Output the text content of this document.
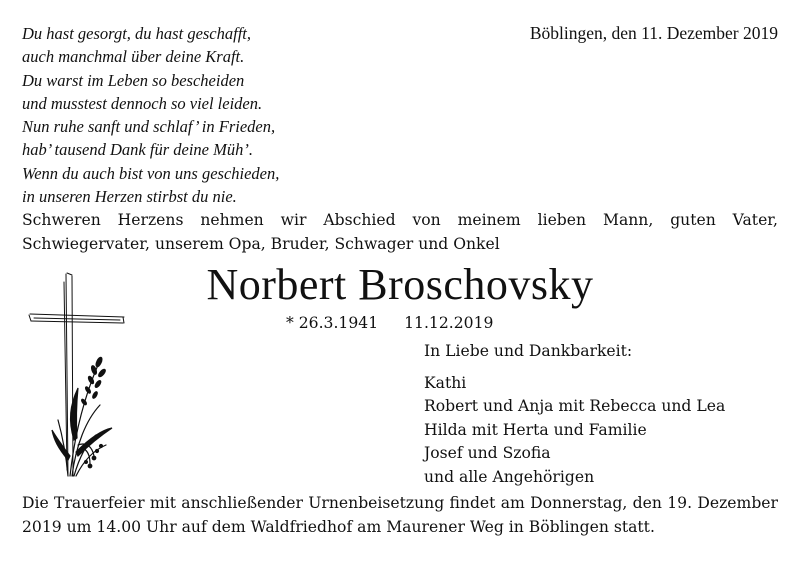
Du hast gesorgt, du hast geschafft,
auch manchmal über deine Kraft.
Du warst im Leben so bescheiden
und musstest dennoch so viel leiden.
Nun ruhe sanft und schlaf’ in Frieden,
hab’ tausend Dank für deine Müh’.
Wenn du auch bist von uns geschieden,
in unseren Herzen stirbst du nie.
Böblingen, den 11. Dezember 2019
Schweren Herzens nehmen wir Abschied von meinem lieben Mann, guten Vater, Schwiegervater, unserem Opa, Bruder, Schwager und Onkel
Norbert Broschovsky
* 26.3.1941 11.12.2019
In Liebe und Dankbarkeit:
Kathi
Robert und Anja mit Rebecca und Lea
Hilda mit Herta und Familie
Josef und Szofia
und alle Angehörigen
Die Trauerfeier mit anschließender Urnenbeisetzung findet am Donnerstag, den 19. Dezember 2019 um 14.00 Uhr auf dem Waldfriedhof am Maurener Weg in Böblingen statt.
